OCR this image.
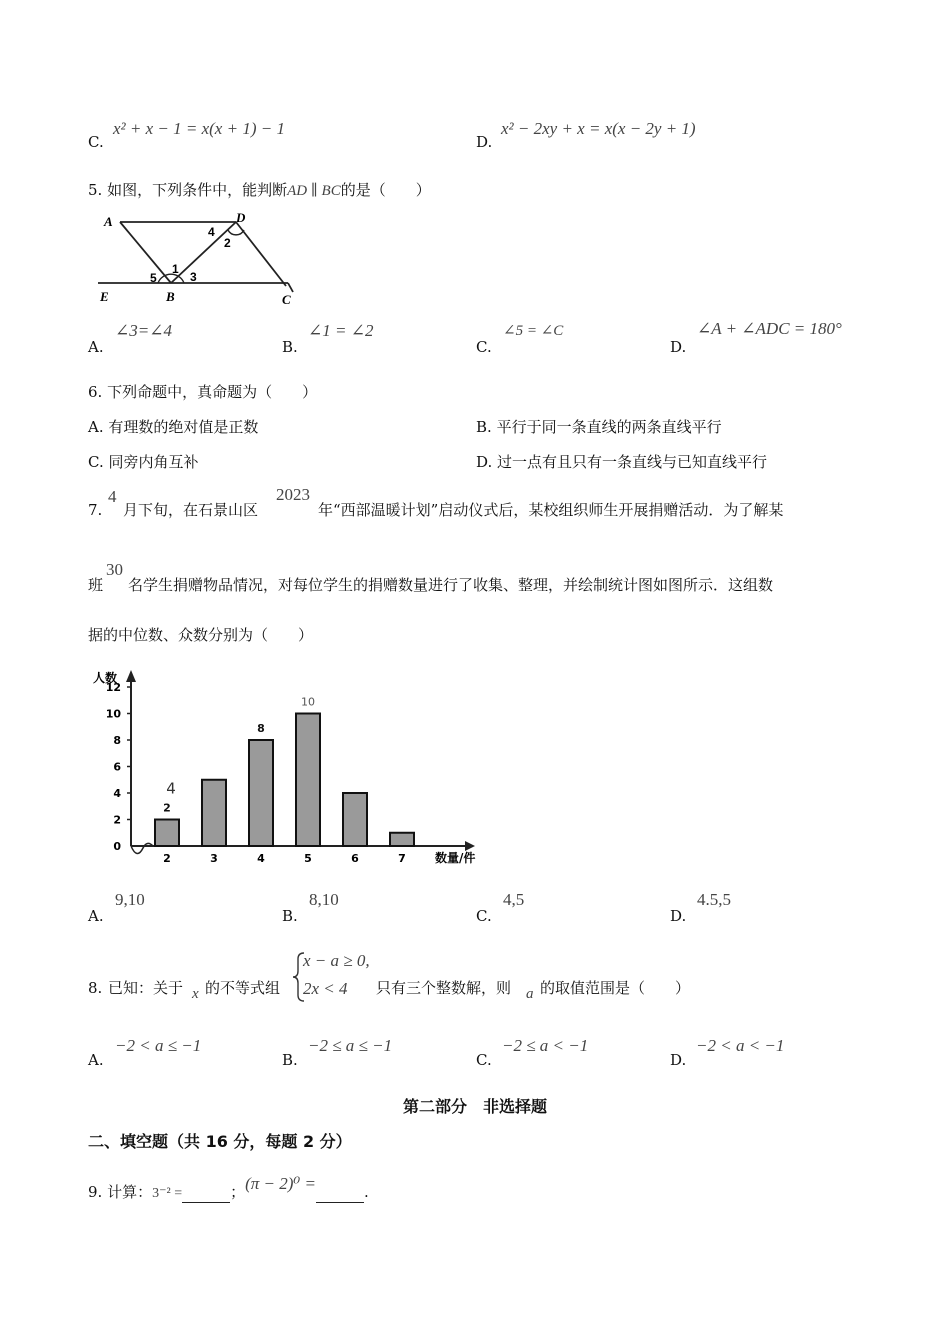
C.
x² + x − 1 = x(x + 1) − 1
D.
x² − 2xy + x = x(x − 2y + 1)
5. 如图，下列条件中，能判断AD ∥ BC的是（　　）
A	D
E	B	C
1
2
3
4
5
A.
∠3=∠4
B.
∠1 = ∠2
C.
∠5 = ∠C
D.
∠A + ∠ADC = 180°
6. 下列命题中，真命题为（　　）
A. 有理数的绝对值是正数	B. 平行于同一条直线的两条直线平行
C. 同旁内角互补	D. 过一点有且只有一条直线与已知直线平行
7.
4
月下旬，在石景山区
2023
年“西部温暖计划”启动仪式后，某校组织师生开展捐赠活动．为了解某
班
30
名学生捐赠物品情况，对每位学生的捐赠数量进行了收集、整理，并绘制统计图如图所示．这组数
据的中位数、众数分别为（　　）
人数
数量/件
0
2
4
6
8
10
12
2
2
3	4
8
5
10
6	7
4
A.
9,10
B.
8,10
C.
4,5
D.
4.5,5
8. 已知：关于 x 的不等式组
x − a ≥ 0,
2x < 4 只有三个整数解，则 a 的取值范围是（　　）
A.
−2 < a ≤ −1
B.
−2 ≤ a ≤ −1
C.
−2 ≤ a < −1
D.
−2 < a < −1
第二部分　非选择题
二、填空题（共 16 分，每题 2 分）
9. 计算：3⁻² =	；(π − 2)⁰ =	.
